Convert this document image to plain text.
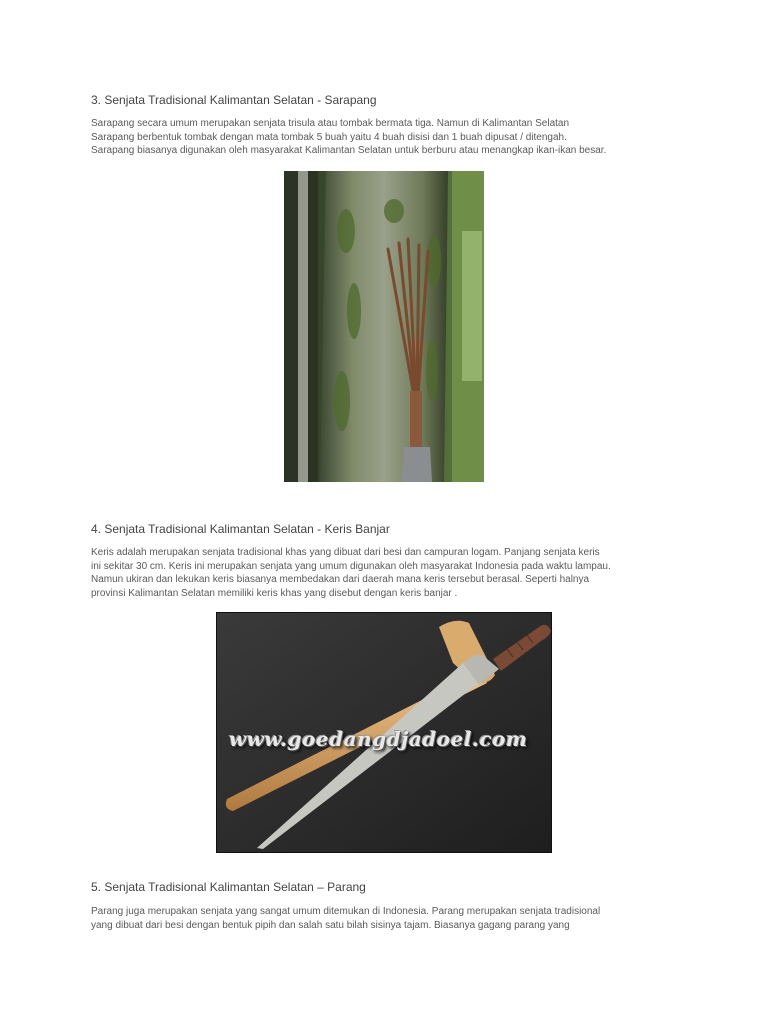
3. Senjata Tradisional Kalimantan Selatan - Sarapang
Sarapang secara umum merupakan senjata trisula atau tombak bermata tiga. Namun di Kalimantan Selatan
Sarapang berbentuk tombak dengan mata tombak 5 buah yaitu 4 buah disisi dan 1 buah dipusat / ditengah.
Sarapang biasanya digunakan oleh masyarakat Kalimantan Selatan untuk berburu atau menangkap ikan-ikan besar.
4. Senjata Tradisional Kalimantan Selatan - Keris Banjar
Keris adalah merupakan senjata tradisional khas yang dibuat dari besi dan campuran logam. Panjang senjata keris
ini sekitar 30 cm. Keris ini merupakan senjata yang umum digunakan oleh masyarakat Indonesia pada waktu lampau.
Namun ukiran dan lekukan keris biasanya membedakan dari daerah mana keris tersebut berasal. Seperti halnya
provinsi Kalimantan Selatan memiliki keris khas yang disebut dengan keris banjar .
www.goedangdjadoel.com
5. Senjata Tradisional Kalimantan Selatan – Parang
Parang juga merupakan senjata yang sangat umum ditemukan di Indonesia. Parang merupakan senjata tradisional
yang dibuat dari besi dengan bentuk pipih dan salah satu bilah sisinya tajam. Biasanya gagang parang yang
